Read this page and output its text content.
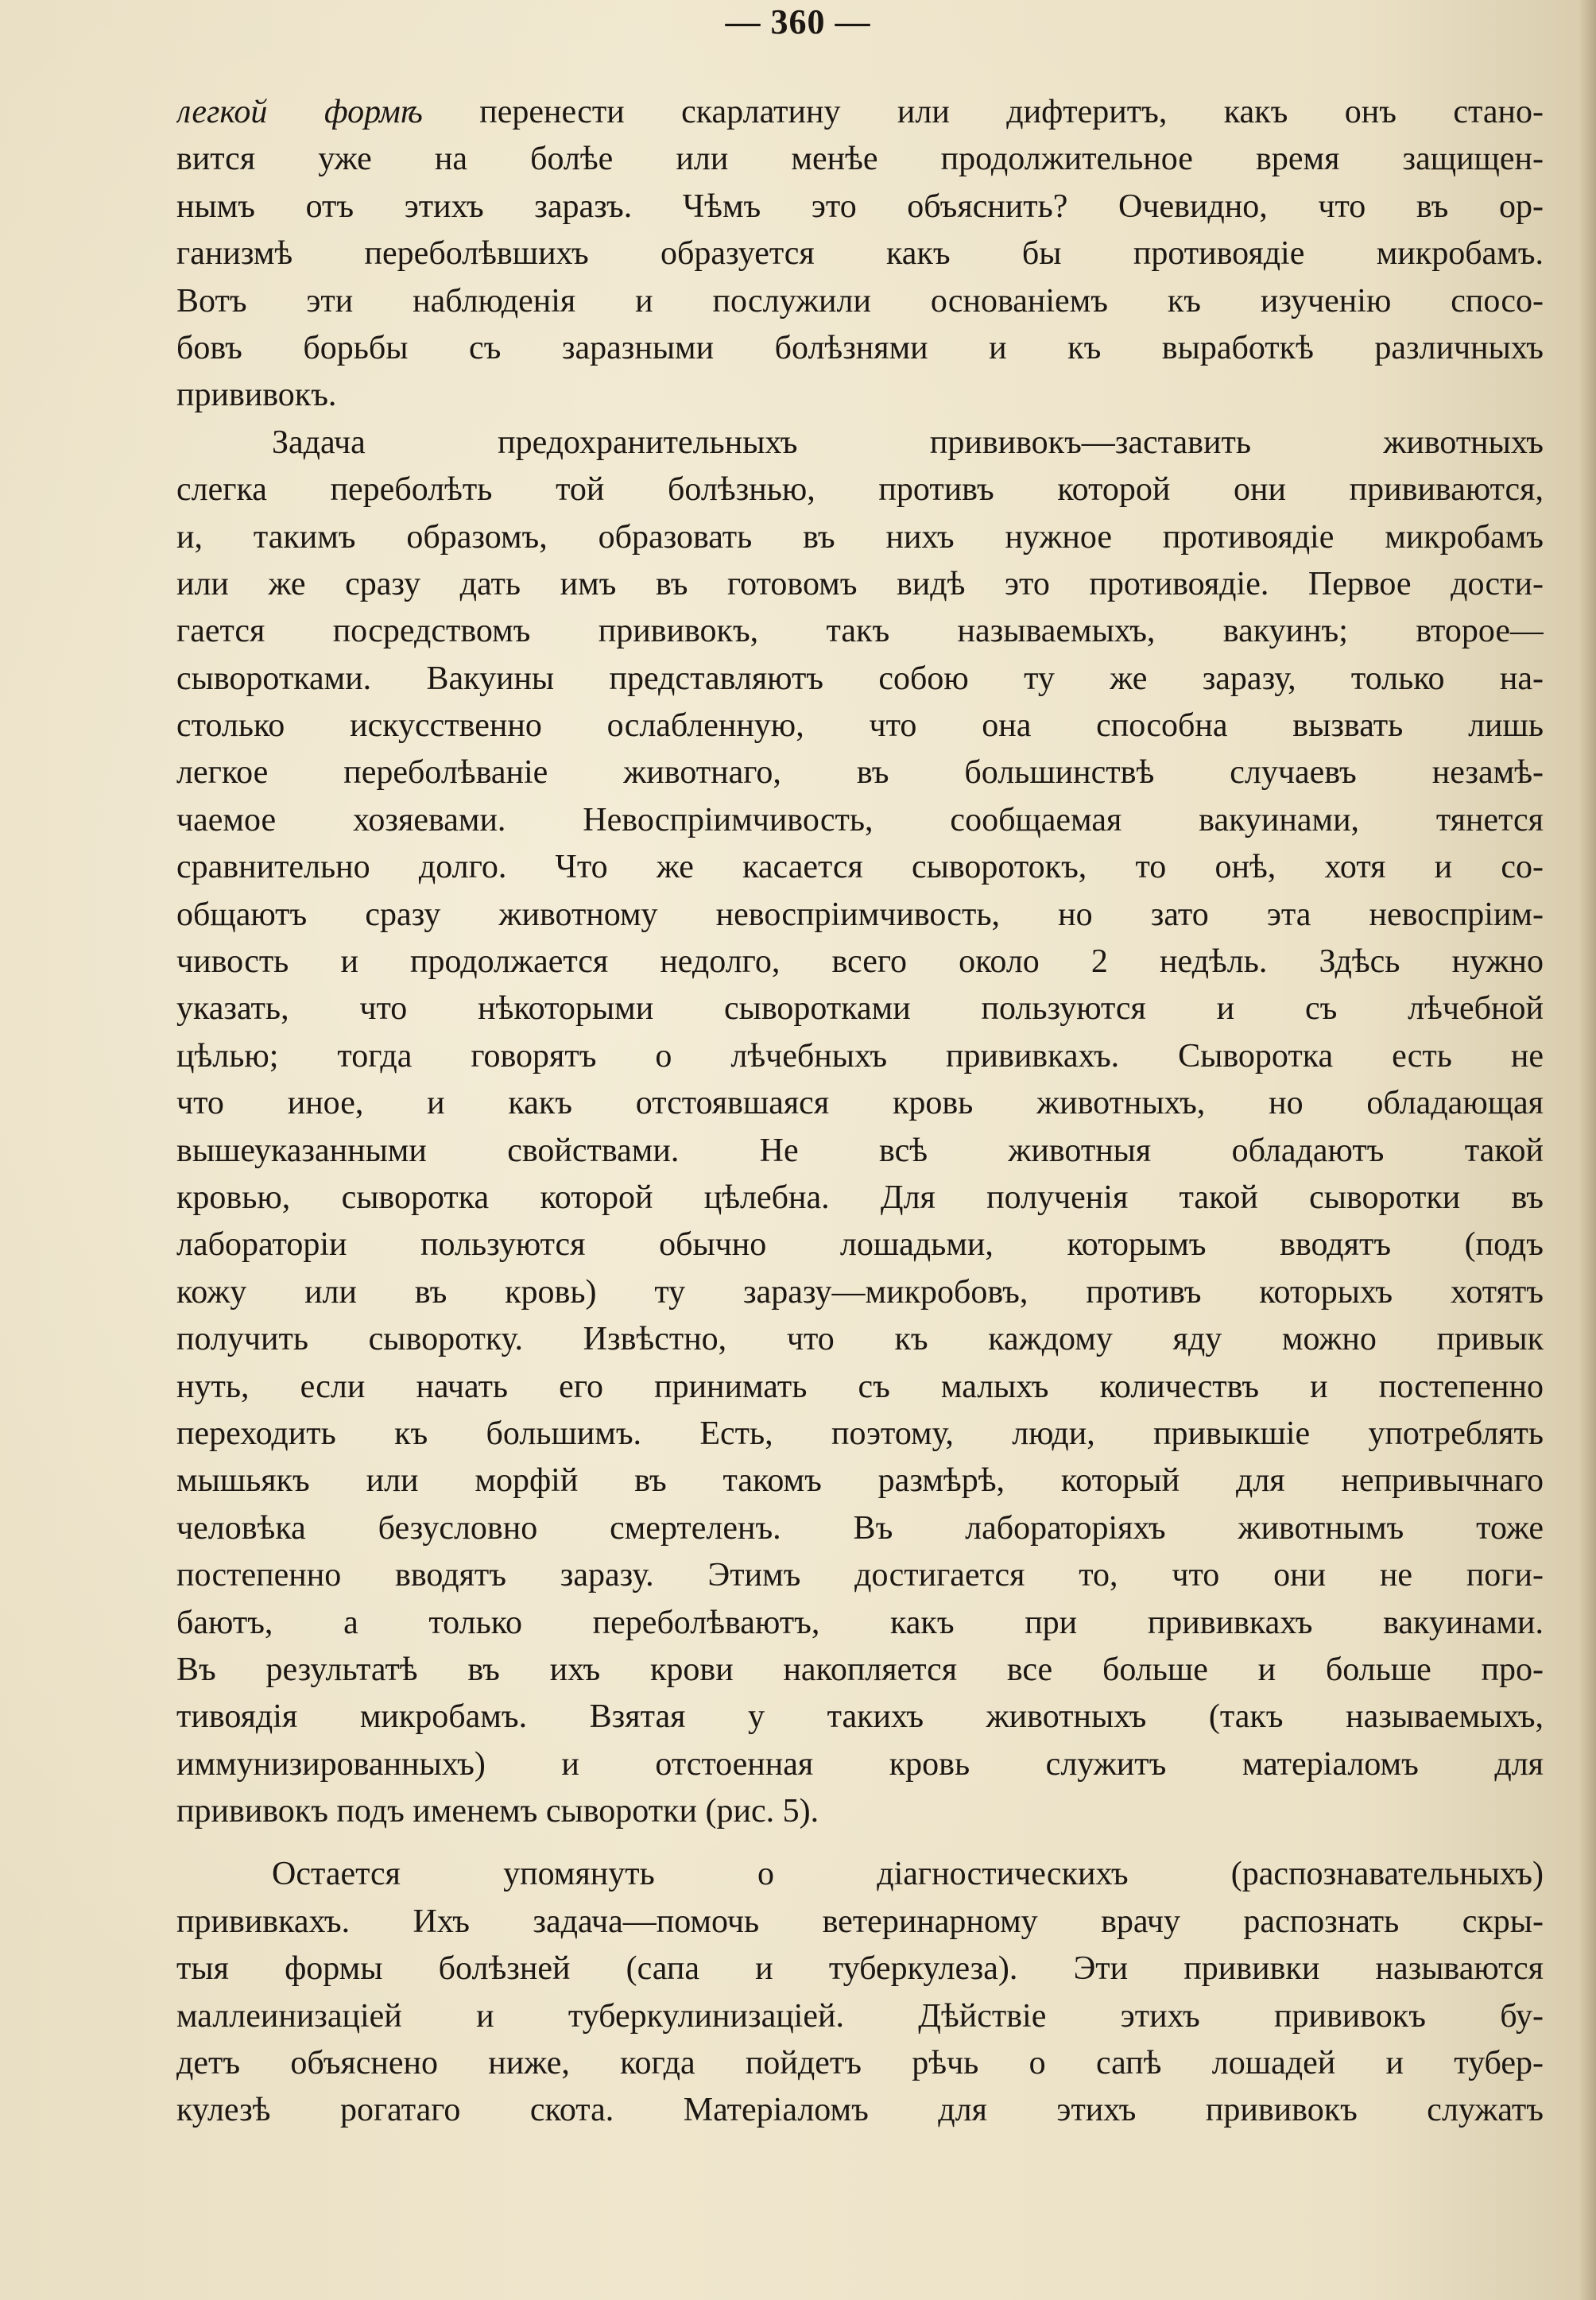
— 360 —
легкой формѣ перенести скарлатину или дифтеритъ, какъ онъ стано-
вится уже на болѣе или менѣе продолжительное время защищен-
нымъ отъ этихъ заразъ. Чѣмъ это объяснить? Очевидно, что въ ор-
ганизмѣ переболѣвшихъ образуется какъ бы противоядіе микробамъ.
Вотъ эти наблюденія и послужили основаніемъ къ изученію спосо-
бовъ борьбы съ заразными болѣзнями и къ выработкѣ различныхъ
прививокъ.
Задача предохранительныхъ прививокъ—заставить животныхъ
слегка переболѣть той болѣзнью, противъ которой они прививаются,
и, такимъ образомъ, образовать въ нихъ нужное противоядіе микробамъ
или же сразу дать имъ въ готовомъ видѣ это противоядіе. Первое дости-
гается посредствомъ прививокъ, такъ называемыхъ, вакуинъ; второе—
сыворотками. Вакуины представляютъ собою ту же заразу, только на-
столько искусственно ослабленную, что она способна вызвать лишь
легкое переболѣваніе животнаго, въ большинствѣ случаевъ незамѣ-
чаемое хозяевами. Невоспріимчивость, сообщаемая вакуинами, тянется
сравнительно долго. Что же касается сыворотокъ, то онѣ, хотя и со-
общаютъ сразу животному невоспріимчивость, но зато эта невоспріим-
чивость и продолжается недолго, всего около 2 недѣль. Здѣсь нужно
указать, что нѣкоторыми сыворотками пользуются и съ лѣчебной
цѣлью; тогда говорятъ о лѣчебныхъ прививкахъ. Сыворотка есть не
что иное, и какъ отстоявшаяся кровь животныхъ, но обладающая
вышеуказанными свойствами. Не всѣ животныя обладаютъ такой
кровью, сыворотка которой цѣлебна. Для полученія такой сыворотки въ
лабораторіи пользуются обычно лошадьми, которымъ вводятъ (подъ
кожу или въ кровь) ту заразу—микробовъ, противъ которыхъ хотятъ
получить сыворотку. Извѣстно, что къ каждому яду можно привык
нуть, если начать его принимать съ малыхъ количествъ и постепенно
переходить къ большимъ. Есть, поэтому, люди, привыкшіе употреблять
мышьякъ или морфій въ такомъ размѣрѣ, который для непривычнаго
человѣка безусловно смертеленъ. Въ лабораторіяхъ животнымъ тоже
постепенно вводятъ заразу. Этимъ достигается то, что они не поги-
баютъ, а только переболѣваютъ, какъ при прививкахъ вакуинами.
Въ результатѣ въ ихъ крови накопляется все больше и больше про-
тивоядія микробамъ. Взятая у такихъ животныхъ (такъ называемыхъ,
иммунизированныхъ) и отстоенная кровь служитъ матеріаломъ для
прививокъ подъ именемъ сыворотки (рис. 5).
Остается упомянуть о діагностическихъ (распознавательныхъ)
прививкахъ. Ихъ задача—помочь ветеринарному врачу распознать скры-
тыя формы болѣзней (сапа и туберкулеза). Эти прививки называются
маллеинизаціей и туберкулинизаціей. Дѣйствіе этихъ прививокъ бу-
детъ объяснено ниже, когда пойдетъ рѣчь о сапѣ лошадей и тубер-
кулезѣ рогатаго скота. Матеріаломъ для этихъ прививокъ служатъ
